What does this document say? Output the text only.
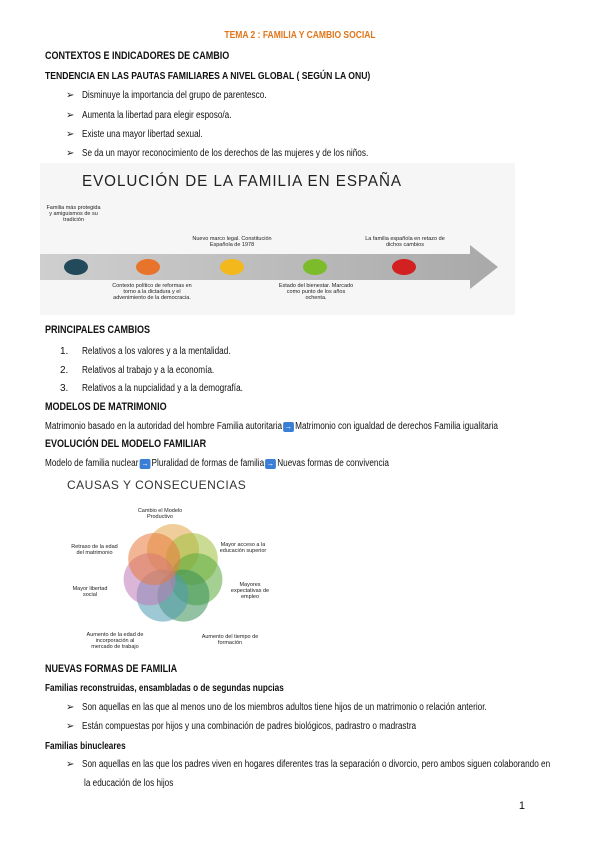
TEMA 2 : FAMILIA Y CAMBIO SOCIAL
CONTEXTOS E INDICADORES DE CAMBIO
TENDENCIA EN LAS PAUTAS FAMILIARES A NIVEL GLOBAL ( SEGÚN LA ONU)
➢ Disminuye la importancia del grupo de parentesco.
➢ Aumenta la libertad para elegir esposo/a.
➢ Existe una mayor libertad sexual.
➢ Se da un mayor reconocimiento de los derechos de las mujeres y de los niños.
EVOLUCIÓN DE LA FAMILIA EN ESPAÑA
Familia más protegida y amiguismos de su tradición
Nuevo marco legal. Constitución Española de 1978
La familia española en retazo de dichos cambios
Contexto político de reformas en torno a la dictadura y el advenimiento de la democracia.
Estado del bienestar. Marcado como punto de los años ochenta.
PRINCIPALES CAMBIOS
1.	Relativos a los valores y a la mentalidad.
2.	Relativos al trabajo y a la economía.
3.	Relativos a la nupcialidad y a la demografía.
MODELOS DE MATRIMONIO
Matrimonio basado en la autoridad del hombre Familia autoritaria → Matrimonio con igualdad de derechos Familia igualitaria
EVOLUCIÓN DEL MODELO FAMILIAR
Modelo de familia nuclear → Pluralidad de formas de familia → Nuevas formas de convivencia
CAUSAS Y CONSECUENCIAS
Cambio el Modelo Productivo
Mayor acceso a la educación superior
Mayores expectativas de empleo
Aumento del tiempo de formación
Aumento de la edad de incorporación al mercado de trabajo
Mayor libertad social
Retraso de la edad del matrimonio
NUEVAS FORMAS DE FAMILIA
Familias reconstruidas, ensambladas o de segundas nupcias
➢ Son aquellas en las que al menos uno de los miembros adultos tiene hijos de un matrimonio o relación anterior.
➢ Están compuestas por hijos y una combinación de padres biológicos, padrastro o madrastra
Familias binucleares
➢ Son aquellas en las que los padres viven en hogares diferentes tras la separación o divorcio, pero ambos siguen colaborando en
la educación de los hijos
1
